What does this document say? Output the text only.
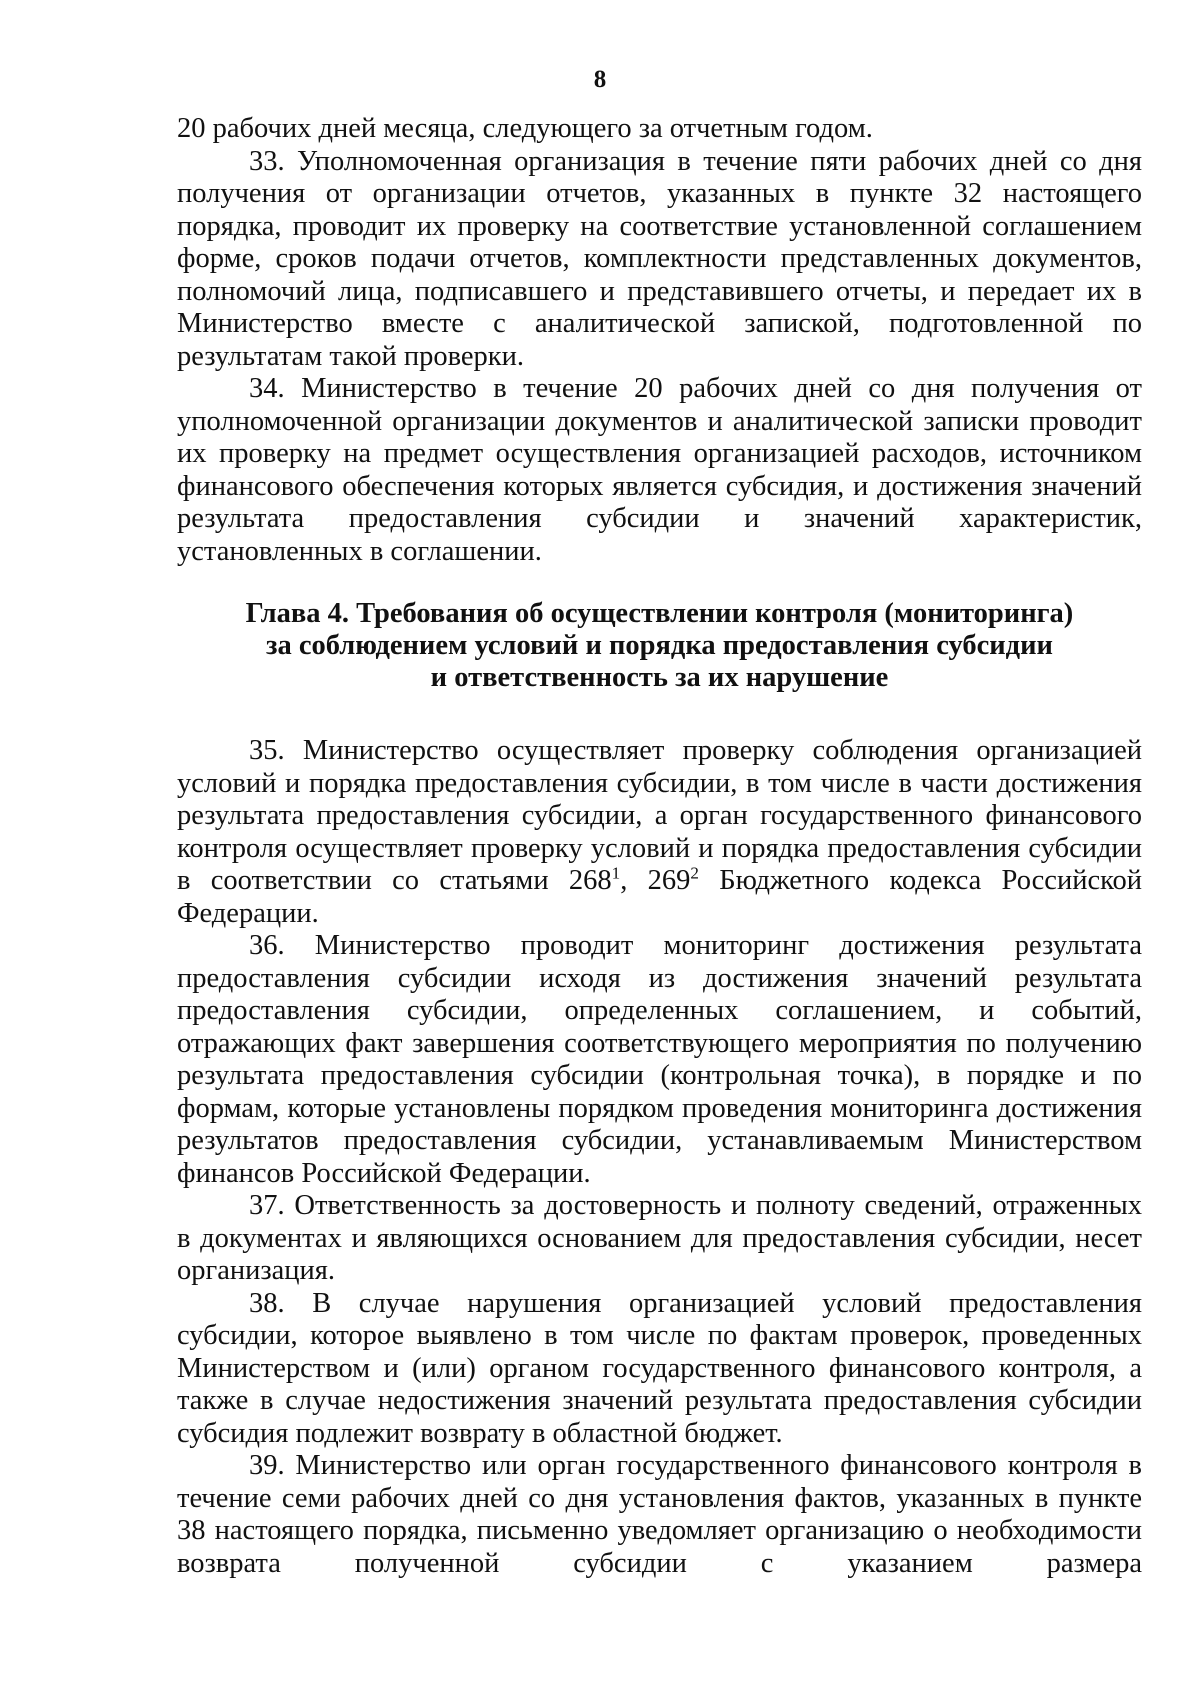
8

20 рабочих дней месяца, следующего за отчетным годом.

33. Уполномоченная организация в течение пяти рабочих дней со дня получения от организации отчетов, указанных в пункте 32 настоящего порядка, проводит их проверку на соответствие установленной соглашением форме, сроков подачи отчетов, комплектности представленных документов, полномочий лица, подписавшего и представившего отчеты, и передает их в Министерство вместе с аналитической запиской, подготовленной по результатам такой проверки.

34. Министерство в течение 20 рабочих дней со дня получения от уполномоченной организации документов и аналитической записки проводит их проверку на предмет осуществления организацией расходов, источником финансового обеспечения которых является субсидия, и достижения значений результата предоставления субсидии и значений характеристик, установленных в соглашении.

Глава 4. Требования об осуществлении контроля (мониторинга)
за соблюдением условий и порядка предоставления субсидии
и ответственность за их нарушение

35. Министерство осуществляет проверку соблюдения организацией условий и порядка предоставления субсидии, в том числе в части достижения результата предоставления субсидии, а орган государственного финансового контроля осуществляет проверку условий и порядка предоставления субсидии в соответствии со статьями $268^1$, $269^2$ Бюджетного кодекса Российской Федерации.

36. Министерство проводит мониторинг достижения результата предоставления субсидии исходя из достижения значений результата предоставления субсидии, определенных соглашением, и событий, отражающих факт завершения соответствующего мероприятия по получению результата предоставления субсидии (контрольная точка), в порядке и по формам, которые установлены порядком проведения мониторинга достижения результатов предоставления субсидии, устанавливаемым Министерством финансов Российской Федерации.

37. Ответственность за достоверность и полноту сведений, отраженных в документах и являющихся основанием для предоставления субсидии, несет организация.

38. В случае нарушения организацией условий предоставления субсидии, которое выявлено в том числе по фактам проверок, проведенных Министерством и (или) органом государственного финансового контроля, а также в случае недостижения значений результата предоставления субсидии субсидия подлежит возврату в областной бюджет.

39. Министерство или орган государственного финансового контроля в течение семи рабочих дней со дня установления фактов, указанных в пункте 38 настоящего порядка, письменно уведомляет организацию о необходимости возврата полученной субсидии с указанием размера
